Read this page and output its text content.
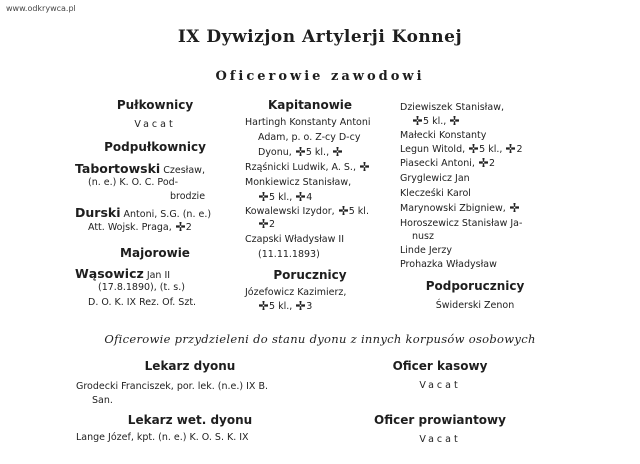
www.odkrywca.pl
IX Dywizjon Artylerji Konnej
Oficerowie zawodowi
Pułkownicy
Vacat
Podpułkownicy
Tabortowski Czesław,
(n. e.) K. O. C. Pod-
brodzie
Durski Antoni, S.G. (n. e.)
Att. Wojsk. Praga, 2
Majorowie
Wąsowicz Jan II
(17.8.1890), (t. s.)
D. O. K. IX Rez. Of. Szt.
Kapitanowie
Hartingh Konstanty Antoni
Adam, p. o. Z-cy D-cy
Dyonu, 5 kl.,
Rząśnicki Ludwik, A. S.,
Monkiewicz Stanisław,
5 kl., 4
Kowalewski Izydor, 5 kl.
2
Czapski Władysław II
(11.11.1893)
Porucznicy
Józefowicz Kazimierz,
5 kl., 3
Dziewiszek Stanisław,
5 kl.,
Małecki Konstanty
Legun Witold, 5 kl., 2
Piasecki Antoni, 2
Gryglewicz Jan
Klecześki Karol
Marynowski Zbigniew,
Horoszewicz Stanisław Ja-
nusz
Linde Jerzy
Prohazka Władysław
Podporucznicy
Świderski Zenon
Oficerowie przydzieleni do stanu dyonu z innych korpusów osobowych
Lekarz dyonu
Grodecki Franciszek, por. lek. (n.e.) IX B.
San.
Lekarz wet. dyonu
Lange Józef, kpt. (n. e.) K. O. S. K. IX
Oficer kasowy
Vacat
Oficer prowiantowy
Vacat
